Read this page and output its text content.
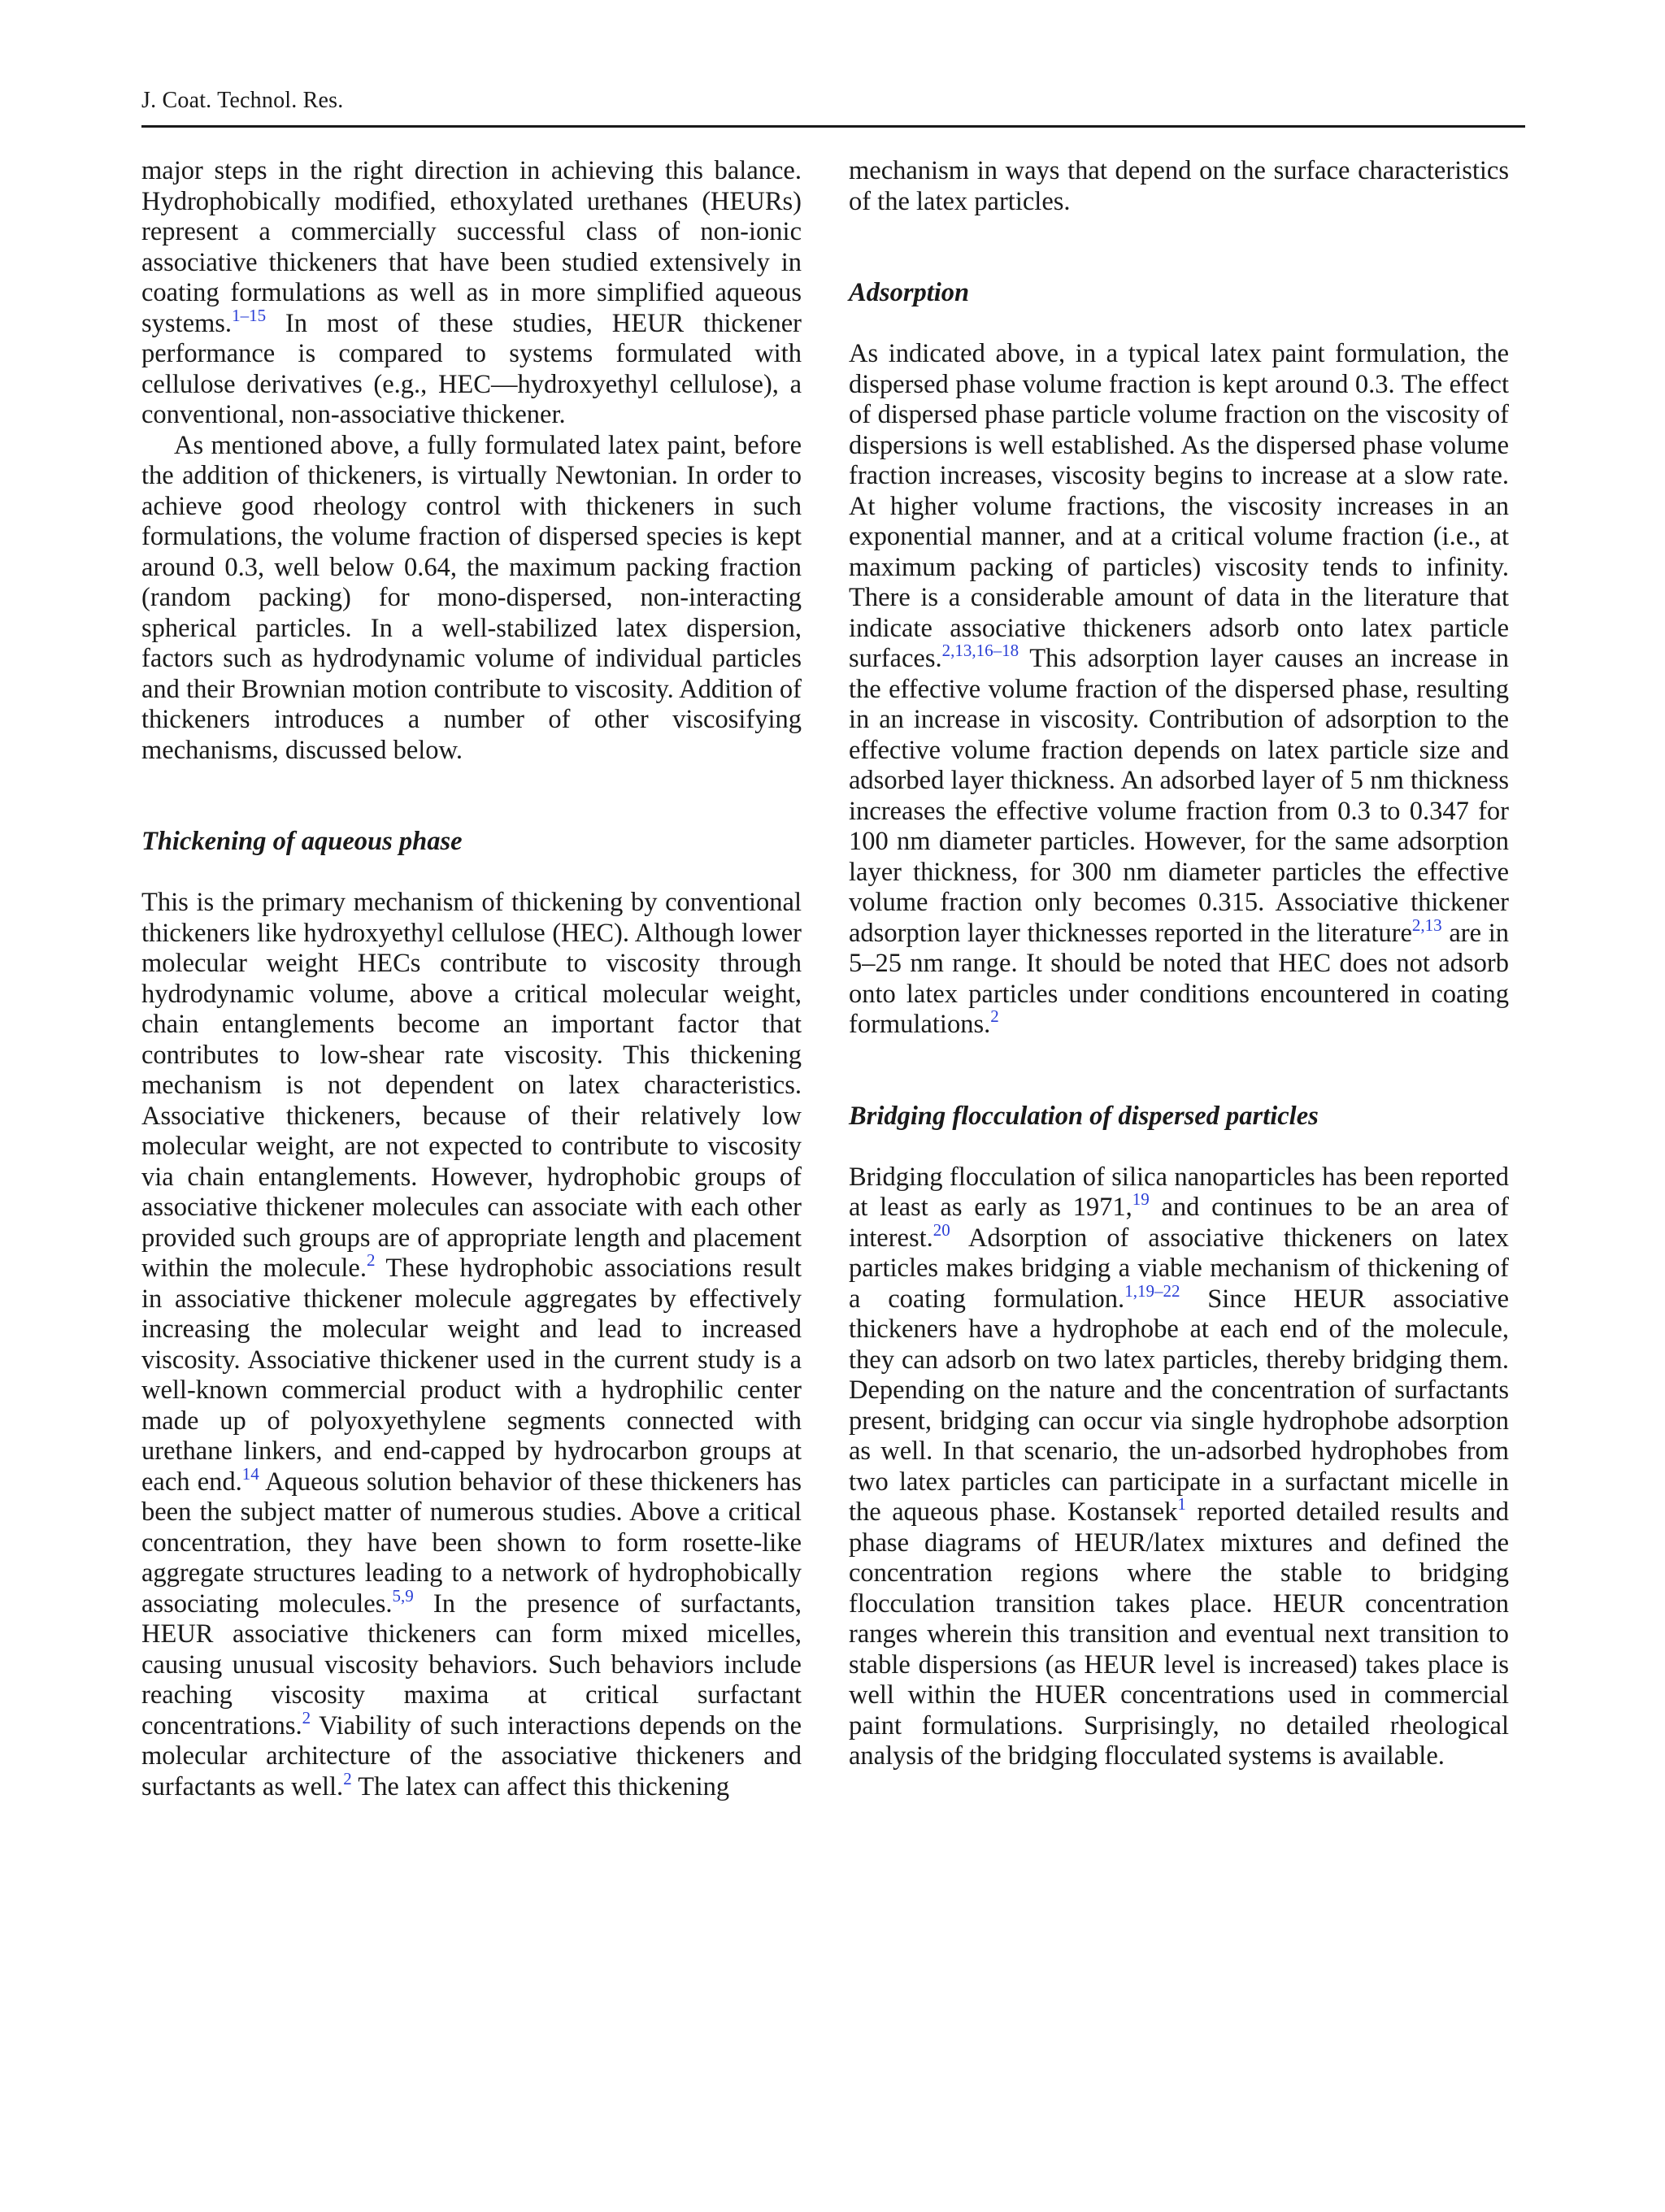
J. Coat. Technol. Res.

major steps in the right direction in achieving this balance. Hydrophobically modified, ethoxylated urethanes (HEURs) represent a commercially successful class of non-ionic associative thickeners that have been studied extensively in coating formulations as well as in more simplified aqueous systems.$^{1-15}$ In most of these studies, HEUR thickener performance is compared to systems formulated with cellulose derivatives (e.g., HEC—hydroxyethyl cellulose), a conventional, non-associative thickener.

As mentioned above, a fully formulated latex paint, before the addition of thickeners, is virtually Newtonian. In order to achieve good rheology control with thickeners in such formulations, the volume fraction of dispersed species is kept around 0.3, well below 0.64, the maximum packing fraction (random packing) for mono-dispersed, non-interacting spherical particles. In a well-stabilized latex dispersion, factors such as hydrodynamic volume of individual particles and their Brownian motion contribute to viscosity. Addition of thickeners introduces a number of other viscosifying mechanisms, discussed below.

Thickening of aqueous phase

This is the primary mechanism of thickening by conventional thickeners like hydroxyethyl cellulose (HEC). Although lower molecular weight HECs contribute to viscosity through hydrodynamic volume, above a critical molecular weight, chain entanglements become an important factor that contributes to low-shear rate viscosity. This thickening mechanism is not dependent on latex characteristics. Associative thickeners, because of their relatively low molecular weight, are not expected to contribute to viscosity via chain entanglements. However, hydrophobic groups of associative thickener molecules can associate with each other provided such groups are of appropriate length and placement within the molecule.$^2$ These hydrophobic associations result in associative thickener molecule aggregates by effectively increasing the molecular weight and lead to increased viscosity. Associative thickener used in the current study is a well-known commercial product with a hydrophilic center made up of polyoxyethylene segments connected with urethane linkers, and end-capped by hydrocarbon groups at each end.$^{14}$ Aqueous solution behavior of these thickeners has been the subject matter of numerous studies. Above a critical concentration, they have been shown to form rosette-like aggregate structures leading to a network of hydrophobically associating molecules.$^{5,9}$ In the presence of surfactants, HEUR associative thickeners can form mixed micelles, causing unusual viscosity behaviors. Such behaviors include reaching viscosity maxima at critical surfactant concentrations.$^2$ Viability of such interactions depends on the molecular architecture of the associative thickeners and surfactants as well.$^2$ The latex can affect this thickening

mechanism in ways that depend on the surface characteristics of the latex particles.

Adsorption

As indicated above, in a typical latex paint formulation, the dispersed phase volume fraction is kept around 0.3. The effect of dispersed phase particle volume fraction on the viscosity of dispersions is well established. As the dispersed phase volume fraction increases, viscosity begins to increase at a slow rate. At higher volume fractions, the viscosity increases in an exponential manner, and at a critical volume fraction (i.e., at maximum packing of particles) viscosity tends to infinity. There is a considerable amount of data in the literature that indicate associative thickeners adsorb onto latex particle surfaces.$^{2,13,16-18}$ This adsorption layer causes an increase in the effective volume fraction of the dispersed phase, resulting in an increase in viscosity. Contribution of adsorption to the effective volume fraction depends on latex particle size and adsorbed layer thickness. An adsorbed layer of 5 nm thickness increases the effective volume fraction from 0.3 to 0.347 for 100 nm diameter particles. However, for the same adsorption layer thickness, for 300 nm diameter particles the effective volume fraction only becomes 0.315. Associative thickener adsorption layer thicknesses reported in the literature$^{2,13}$ are in 5–25 nm range. It should be noted that HEC does not adsorb onto latex particles under conditions encountered in coating formulations.$^2$

Bridging flocculation of dispersed particles

Bridging flocculation of silica nanoparticles has been reported at least as early as 1971,19 and continues to be an area of interest.$^{20}$ Adsorption of associative thickeners on latex particles makes bridging a viable mechanism of thickening of a coating formulation.$^{1,19-22}$ Since HEUR associative thickeners have a hydrophobe at each end of the molecule, they can adsorb on two latex particles, thereby bridging them. Depending on the nature and the concentration of surfactants present, bridging can occur via single hydrophobe adsorption as well. In that scenario, the un-adsorbed hydrophobes from two latex particles can participate in a surfactant micelle in the aqueous phase. Kostansek$^1$ reported detailed results and phase diagrams of HEUR/latex mixtures and defined the concentration regions where the stable to bridging flocculation transition takes place. HEUR concentration ranges wherein this transition and eventual next transition to stable dispersions (as HEUR level is increased) takes place is well within the HUER concentrations used in commercial paint formulations. Surprisingly, no detailed rheological analysis of the bridging flocculated systems is available.
